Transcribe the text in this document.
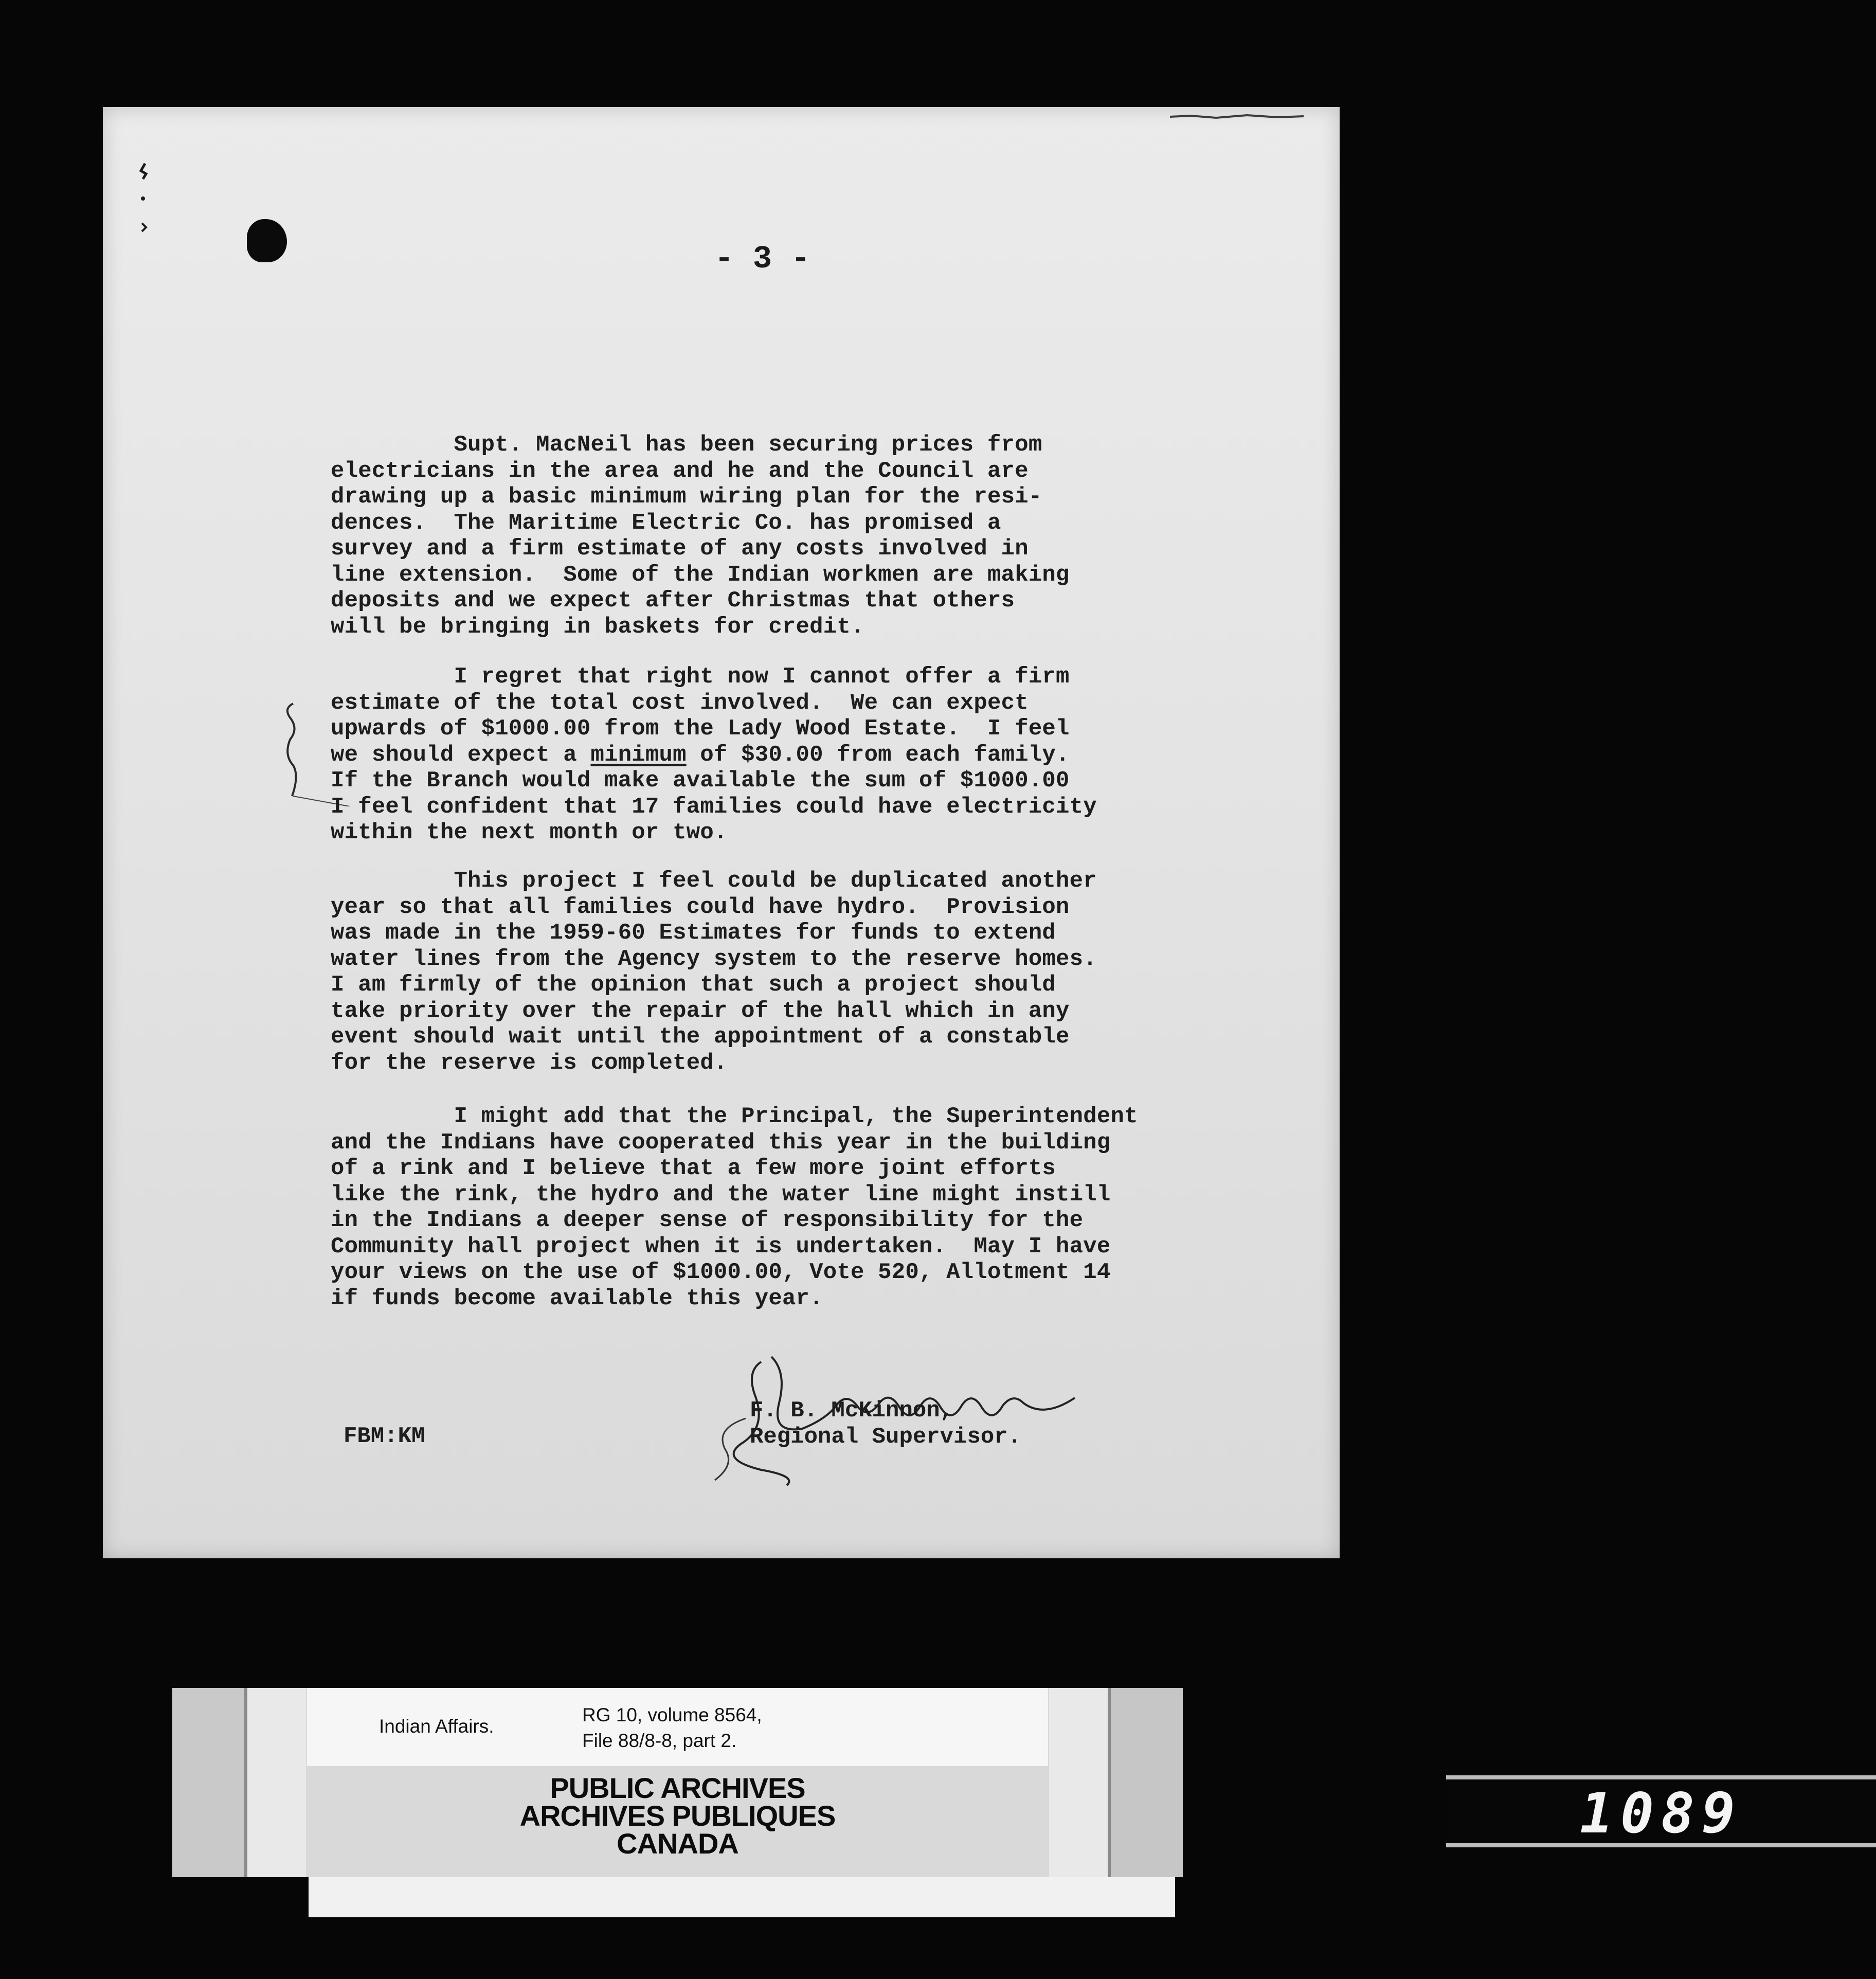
- 3 -
Supt. MacNeil has been securing prices from
electricians in the area and he and the Council are
drawing up a basic minimum wiring plan for the resi-
dences.  The Maritime Electric Co. has promised a
survey and a firm estimate of any costs involved in
line extension.  Some of the Indian workmen are making
deposits and we expect after Christmas that others
will be bringing in baskets for credit.
I regret that right now I cannot offer a firm
estimate of the total cost involved.  We can expect
upwards of $1000.00 from the Lady Wood Estate.  I feel
we should expect a minimum of $30.00 from each family.
If the Branch would make available the sum of $1000.00
I feel confident that 17 families could have electricity
within the next month or two.
This project I feel could be duplicated another
year so that all families could have hydro.  Provision
was made in the 1959-60 Estimates for funds to extend
water lines from the Agency system to the reserve homes.
I am firmly of the opinion that such a project should
take priority over the repair of the hall which in any
event should wait until the appointment of a constable
for the reserve is completed.
I might add that the Principal, the Superintendent
and the Indians have cooperated this year in the building
of a rink and I believe that a few more joint efforts
like the rink, the hydro and the water line might instill
in the Indians a deeper sense of responsibility for the
Community hall project when it is undertaken.  May I have
your views on the use of $1000.00, Vote 520, Allotment 14
if funds become available this year.
F. B. McKinnon,
Regional Supervisor.
FBM:KM
Indian Affairs.
RG 10, volume 8564,
File 88/8-8, part 2.
PUBLIC ARCHIVES
ARCHIVES PUBLIQUES
CANADA	1089
